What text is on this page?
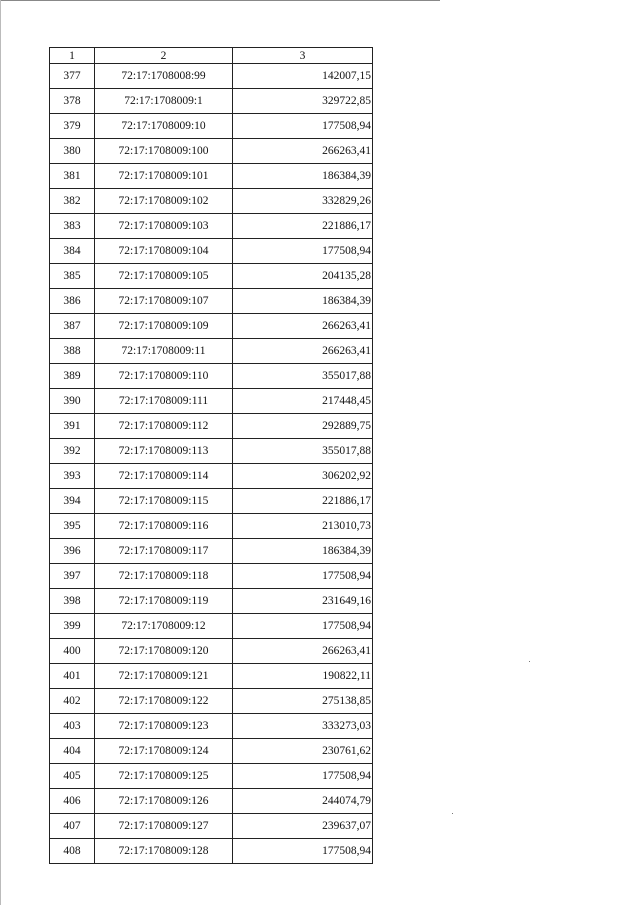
1	2	3
377	72:17:1708008:99	142007,15
378	72:17:1708009:1	329722,85
379	72:17:1708009:10	177508,94
380	72:17:1708009:100	266263,41
381	72:17:1708009:101	186384,39
382	72:17:1708009:102	332829,26
383	72:17:1708009:103	221886,17
384	72:17:1708009:104	177508,94
385	72:17:1708009:105	204135,28
386	72:17:1708009:107	186384,39
387	72:17:1708009:109	266263,41
388	72:17:1708009:11	266263,41
389	72:17:1708009:110	355017,88
390	72:17:1708009:111	217448,45
391	72:17:1708009:112	292889,75
392	72:17:1708009:113	355017,88
393	72:17:1708009:114	306202,92
394	72:17:1708009:115	221886,17
395	72:17:1708009:116	213010,73
396	72:17:1708009:117	186384,39
397	72:17:1708009:118	177508,94
398	72:17:1708009:119	231649,16
399	72:17:1708009:12	177508,94
400	72:17:1708009:120	266263,41
401	72:17:1708009:121	190822,11
402	72:17:1708009:122	275138,85
403	72:17:1708009:123	333273,03
404	72:17:1708009:124	230761,62
405	72:17:1708009:125	177508,94
406	72:17:1708009:126	244074,79
407	72:17:1708009:127	239637,07
408	72:17:1708009:128	177508,94
